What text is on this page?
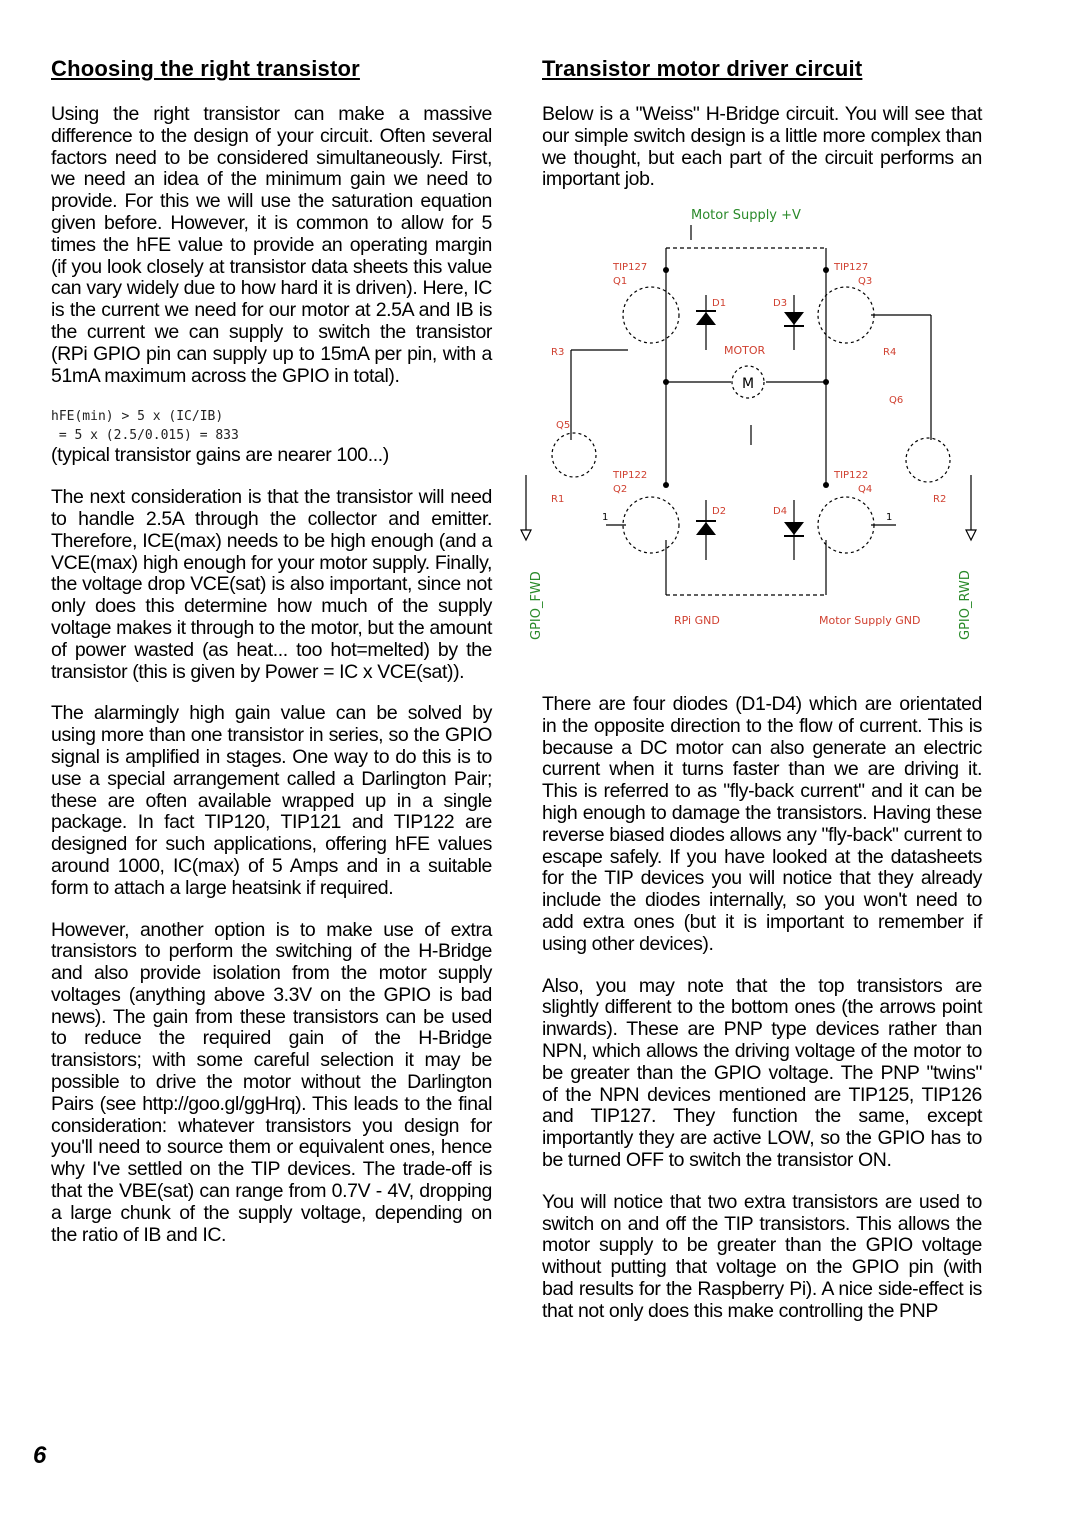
Choosing the right transistor

Using the right transistor can make a massive difference to the design of your circuit. Often several factors need to be considered simultaneously. First, we need an idea of the minimum gain we need to provide. For this we will use the saturation equation given before. However, it is common to allow for 5 times the hFE value to provide an operating margin (if you look closely at transistor data sheets this value can vary widely due to how hard it is driven). Here, IC is the current we need for our motor at 2.5A and IB is the current we can supply to switch the transistor (RPi GPIO pin can supply up to 15mA per pin, with a 51mA maximum across the GPIO in total).

hFE(min) > 5 x (IC/IB)
= 5 x (2.5/0.015) = 833

(typical transistor gains are nearer 100...)

The next consideration is that the transistor will need to handle 2.5A through the collector and emitter. Therefore, ICE(max) needs to be high enough (and a VCE(max) high enough for your motor supply. Finally, the voltage drop VCE(sat) is also important, since not only does this determine how much of the supply voltage makes it through to the motor, but the amount of power wasted (as heat... too hot=melted) by the transistor (this is given by Power = IC x VCE(sat)).

The alarmingly high gain value can be solved by using more than one transistor in series, so the GPIO signal is amplified in stages. One way to do this is to use a special arrangement called a Darlington Pair; these are often available wrapped up in a single package. In fact TIP120, TIP121 and TIP122 are designed for such applications, offering hFE values around 1000, IC(max) of 5 Amps and in a suitable form to attach a large heatsink if required.

However, another option is to make use of extra transistors to perform the switching of the H-Bridge and also provide isolation from the motor supply voltages (anything above 3.3V on the GPIO is bad news). The gain from these transistors can be used to reduce the required gain of the H-Bridge transistors; with some careful selection it may be possible to drive the motor without the Darlington Pairs (see http://goo.gl/ggHrq). This leads to the final consideration: whatever transistors you design for you'll need to source them or equivalent ones, hence why I've settled on the TIP devices. The trade-off is that the VBE(sat) can range from 0.7V - 4V, dropping a large chunk of the supply voltage, depending on the ratio of IB and IC.

Transistor motor driver circuit

Below is a "Weiss" H-Bridge circuit. You will see that our simple switch design is a little more complex than we thought, but each part of the circuit performs an important job.

Motor Supply +V
TIP127
Q1
TIP127
Q3
TIP122
Q2
TIP122
Q4
Q5
Q6
R3	R4
R1	R2
D1	D3
D2	D4
MOTOR
M
1	1
RPi GND	Motor Supply GND
GPIO_FWD	GPIO_RWD

There are four diodes (D1-D4) which are orientated in the opposite direction to the flow of current. This is because a DC motor can also generate an electric current when it turns faster than we are driving it. This is referred to as "fly-back current" and it can be high enough to damage the transistors. Having these reverse biased diodes allows any "fly-back" current to escape safely. If you have looked at the datasheets for the TIP devices you will notice that they already include the diodes internally, so you won't need to add extra ones (but it is important to remember if using other devices).

Also, you may note that the top transistors are slightly different to the bottom ones (the arrows point inwards). These are PNP type devices rather than NPN, which allows the driving voltage of the motor to be greater than the GPIO voltage. The PNP "twins" of the NPN devices mentioned are TIP125, TIP126 and TIP127. They function the same, except importantly they are active LOW, so the GPIO has to be turned OFF to switch the transistor ON.

You will notice that two extra transistors are used to switch on and off the TIP transistors. This allows the motor supply to be greater than the GPIO voltage without putting that voltage on the GPIO pin (with bad results for the Raspberry Pi). A nice side-effect is that not only does this make controlling the PNP

6
